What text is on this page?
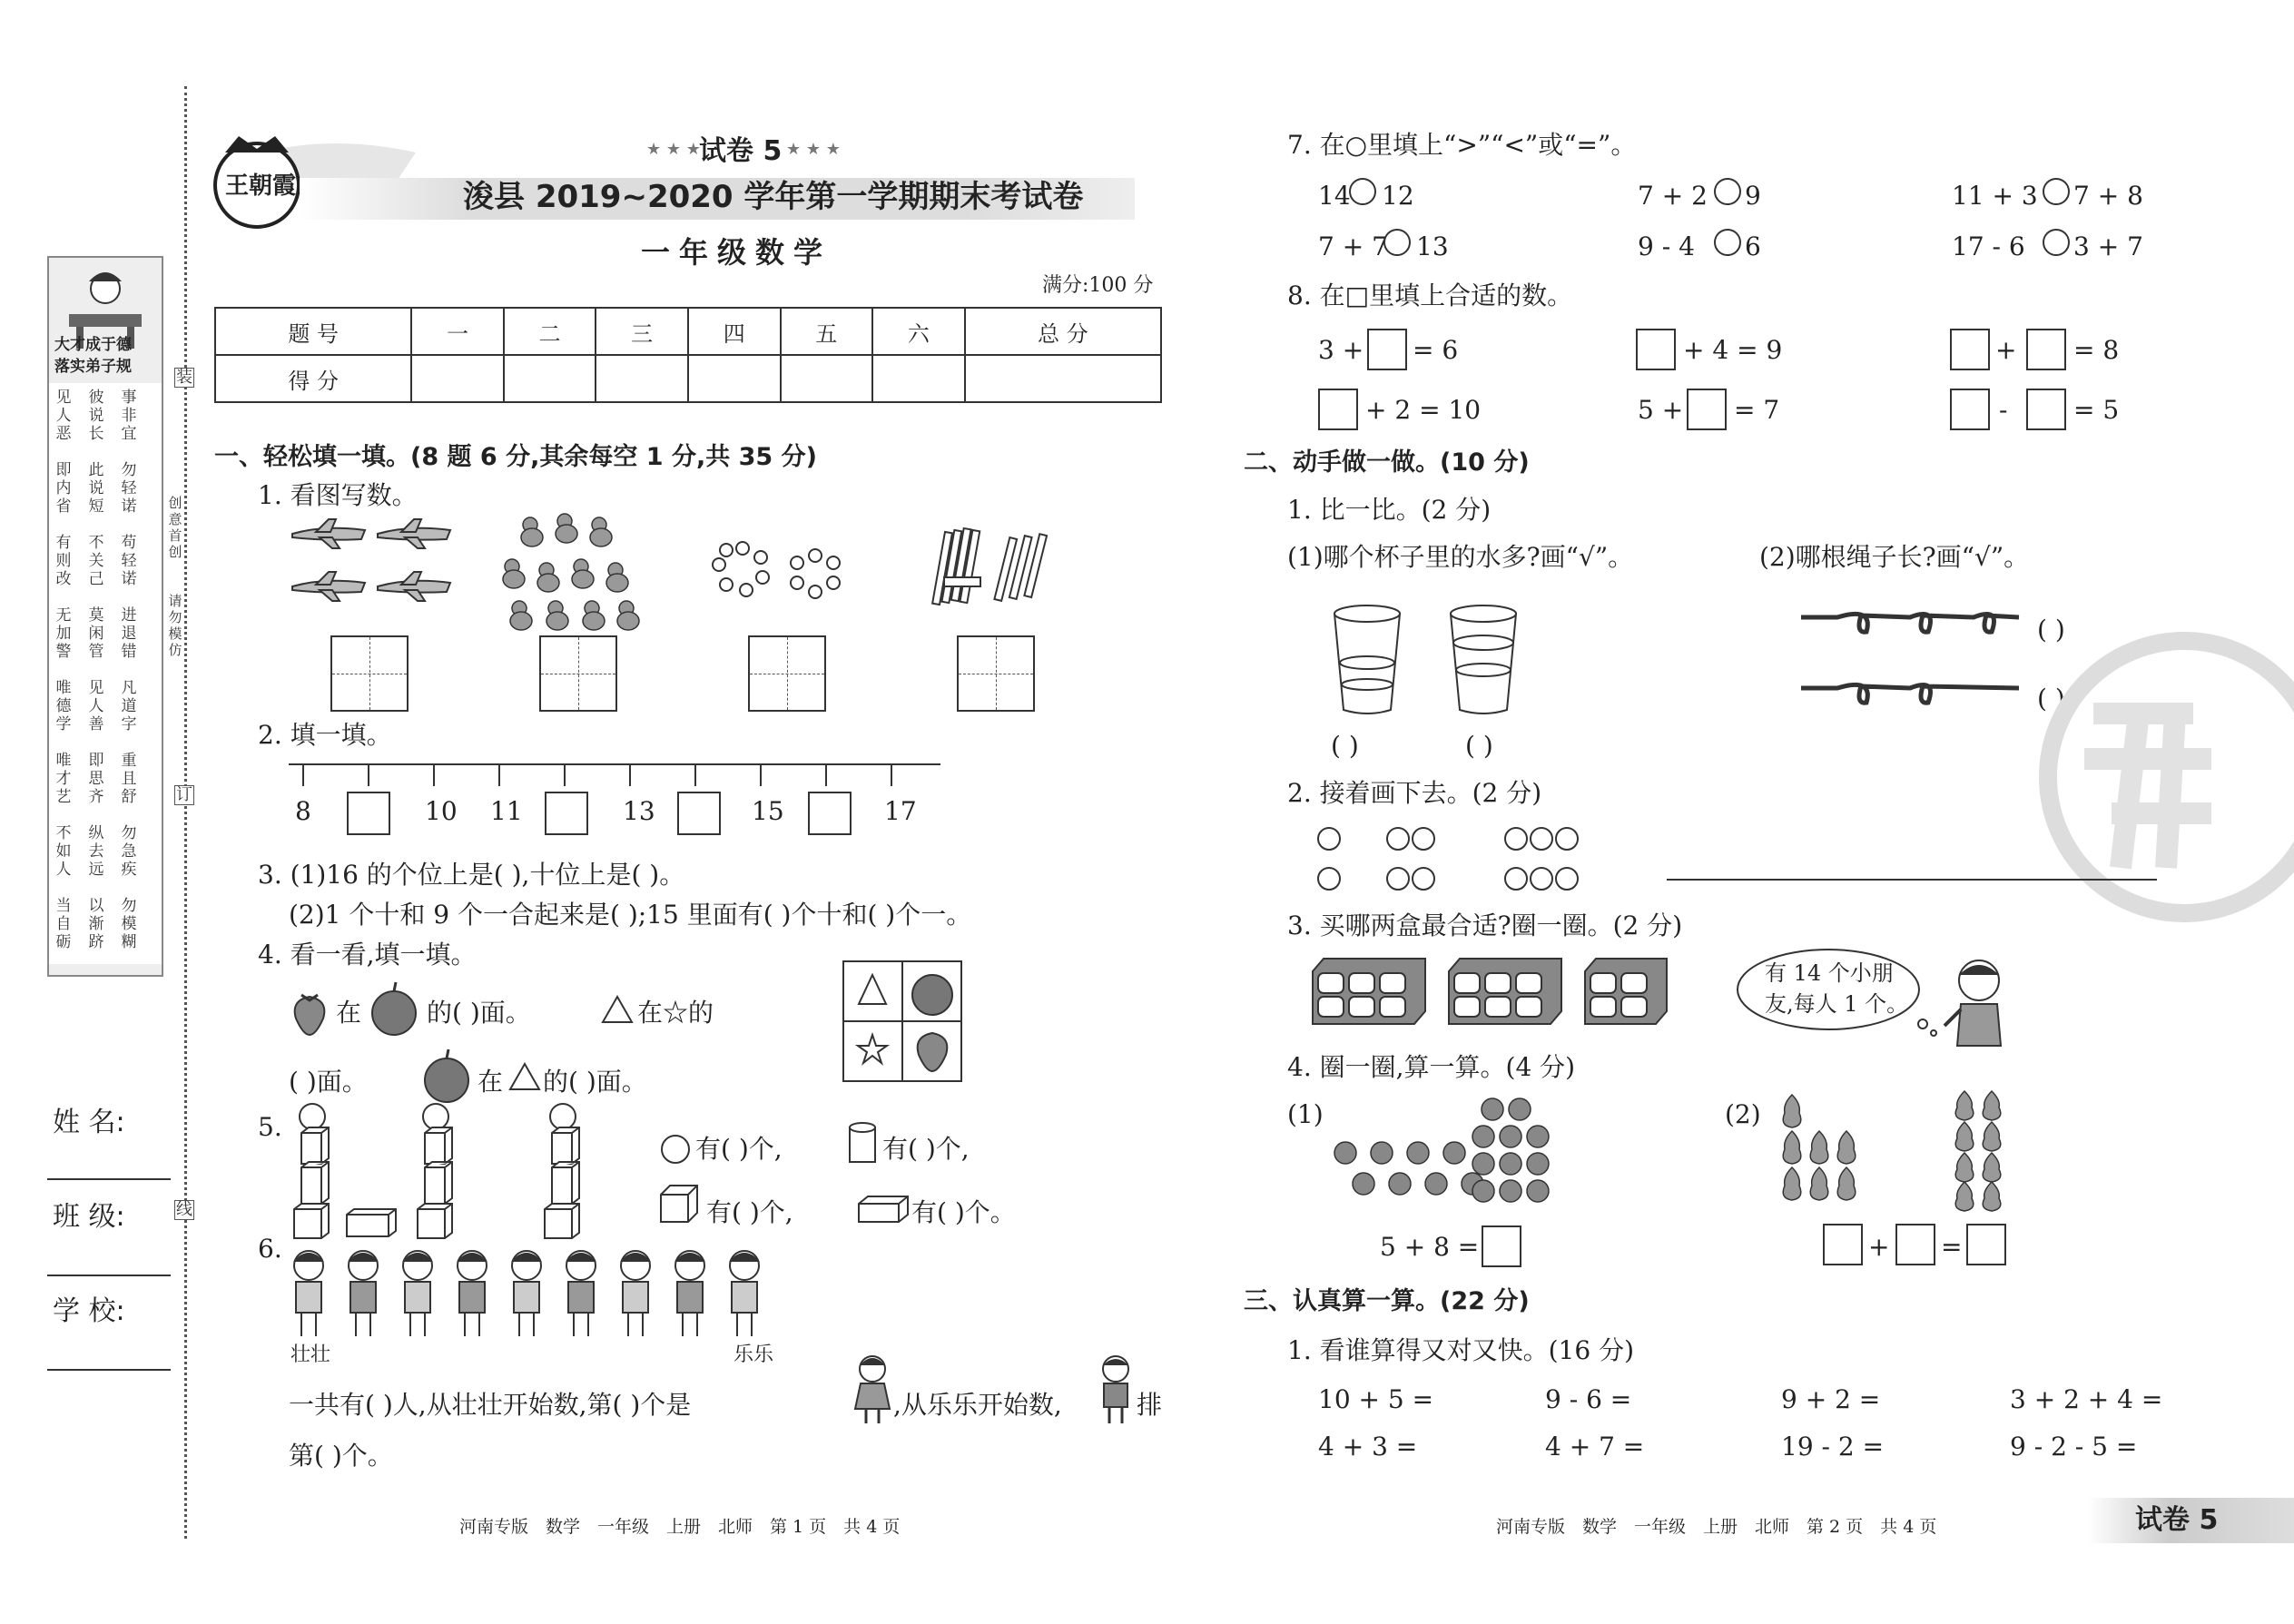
大才成于德
落实弟子规
见
人
恶
彼
说
长
事
非
宜
即
内
省
此
说
短
勿
轻
诺
有
则
改
不
关
己
苟
轻
诺
无
加
警
莫
闲
管
进
退
错
唯
德
学
见
人
善
凡
道
字
唯
才
艺
即
思
齐
重
且
舒
不
如
人
纵
去
远
勿
急
疾
当
自
砺
以
渐
跻
勿
模
糊
姓 名:
班 级:
学 校:
创
意
首
创

请
勿
模
仿
装
订
线
王朝霞
试卷 5
★ ★ ★	★ ★ ★
浚县 2019~2020 学年第一学期期末考试卷
一年级数学
满分:100 分
题 号	一	二	三	四	五	六	总 分
得 分							
一、轻松填一填。(8 题 6 分,其余每空 1 分,共 35 分)
1. 看图写数。
2. 填一填。
8	10 11	13	15	17
3. (1)16 的个位上是( ),十位上是( )。
(2)1 个十和 9 个一合起来是( );15 里面有( )个十和( )个一。
4. 看一看,填一填。
在	的( )面。	在☆的
( )面。	在 的( )面。
5.
有( )个,	有( )个,
有( )个,	有( )个。
6.
壮壮	乐乐
一共有( )人,从壮壮开始数,第( )个是	,从乐乐开始数,	排
第( )个。
河南专版　数学　一年级　上册　北师　第 1 页　共 4 页
7. 在○里填上“>”“<”或“=”。
14 12	7 + 2 9	11 + 3 7 + 8
7 + 7 13	9 - 4 6	17 - 6 3 + 7
8. 在□里填上合适的数。
3 + = 6	+ 4 = 9	+ = 8
+ 2 = 10	5 + = 7	-	= 5
二、动手做一做。(10 分)
1. 比一比。(2 分)
(1)哪个杯子里的水多?画“√”。	(2)哪根绳子长?画“√”。
( )	( )
( )
( )
2. 接着画下去。(2 分)
3. 买哪两盒最合适?圈一圈。(2 分)
有 14 个小朋
友,每人 1 个。
4. 圈一圈,算一算。(4 分)
(1)
5 + 8 =
(2)
+ =
三、认真算一算。(22 分)
1. 看谁算得又对又快。(16 分)
10 + 5 =	9 - 6 =	9 + 2 =	3 + 2 + 4 =
4 + 3 =	4 + 7 =	19 - 2 =	9 - 2 - 5 =
河南专版　数学　一年级　上册　北师　第 2 页　共 4 页	试卷 5
